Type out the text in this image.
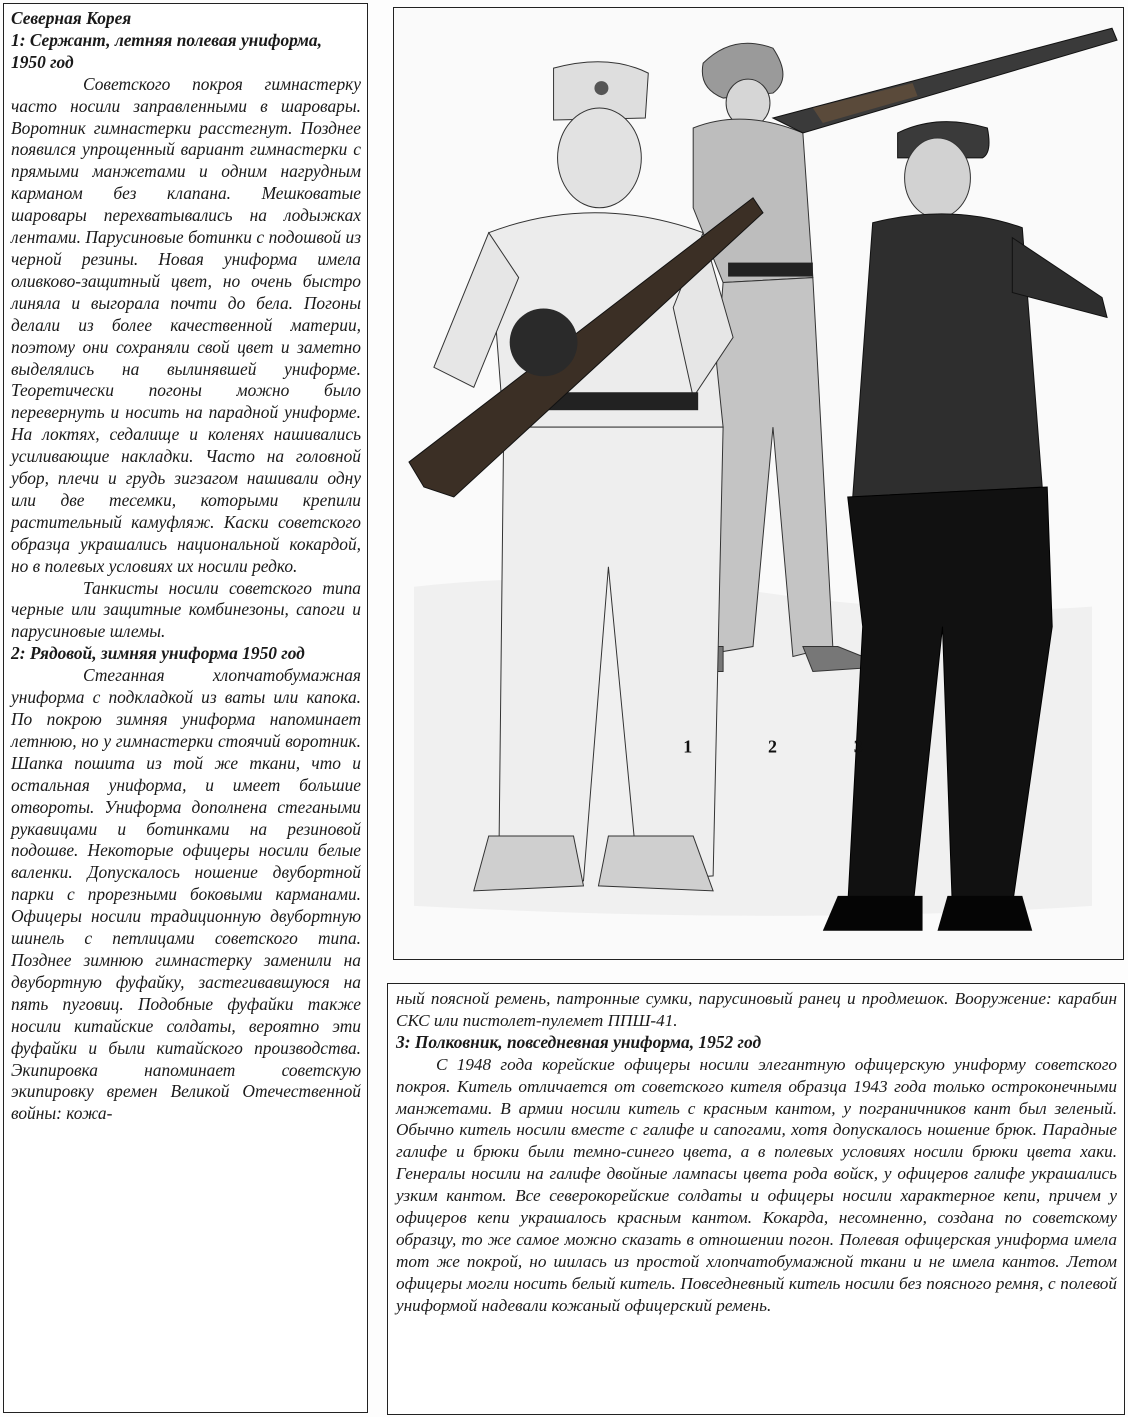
Северная Корея
1: Сержант, летняя полевая униформа, 1950 год

Советского покроя гимнастерку часто носили заправленными в шаровары. Воротник гимнастерки расстегнут. Позднее появился упрощенный вариант гимнастерки с прямыми манжетами и одним нагрудным карманом без клапана. Мешковатые шаровары перехватывались на лодыжках лентами. Парусиновые ботинки с подошвой из черной резины. Новая униформа имела оливково-защитный цвет, но очень быстро линяла и выгорала почти до бела. Погоны делали из более качественной материи, поэтому они сохраняли свой цвет и заметно выделялись на вылинявшей униформе. Теоретически погоны можно было перевернуть и носить на парадной униформе. На локтях, седалище и коленях нашивались усиливающие накладки. Часто на головной убор, плечи и грудь зигзагом нашивали одну или две тесемки, которыми крепили растительный камуфляж. Каски советского образца украшались национальной кокардой, но в полевых условиях их носили редко.

Танкисты носили советского типа черные или защитные комбинезоны, сапоги и парусиновые шлемы.

2: Рядовой, зимняя униформа 1950 год

Стеганная хлопчатобумажная униформа с подкладкой из ваты или капока. По покрою зимняя униформа напоминает летнюю, но у гимнастерки стоячий воротник. Шапка пошита из той же ткани, что и остальная униформа, и имеет большие отвороты. Униформа дополнена стегаными рукавицами и ботинками на резиновой подошве. Некоторые офицеры носили белые валенки. Допускалось ношение двубортной парки с прорезными боковыми карманами. Офицеры носили традиционную двубортную шинель с петлицами советского типа. Позднее зимнюю гимнастерку заменили на двубортную фуфайку, застегивавшуюся на пять пуговиц. Подобные фуфайки также носили китайские солдаты, вероятно эти фуфайки и были китайского производства. Экипировка напоминает советскую экипировку времен Великой Отечественной войны: кожа-

1	2	3

ный поясной ремень, патронные сумки, парусиновый ранец и продмешок. Вооружение: карабин СКС или пистолет-пулемет ППШ-41.

3: Полковник, повседневная униформа, 1952 год

С 1948 года корейские офицеры носили элегантную офицерскую униформу советского покроя. Китель отличается от советского кителя образца 1943 года только остроконечными манжетами. В армии носили китель с красным кантом, у пограничников кант был зеленый. Обычно китель носили вместе с галифе и сапогами, хотя допускалось ношение брюк. Парадные галифе и брюки были темно-синего цвета, а в полевых условиях носили брюки цвета хаки. Генералы носили на галифе двойные лампасы цвета рода войск, у офицеров галифе украшались узким кантом. Все северокорейские солдаты и офицеры носили характерное кепи, причем у офицеров кепи украшалось красным кантом. Кокарда, несомненно, создана по советскому образцу, то же самое можно сказать в отношении погон. Полевая офицерская униформа имела тот же покрой, но шилась из простой хлопчатобумажной ткани и не имела кантов. Летом офицеры могли носить белый китель. Повседневный китель носили без поясного ремня, с полевой униформой надевали кожаный офицерский ремень.
